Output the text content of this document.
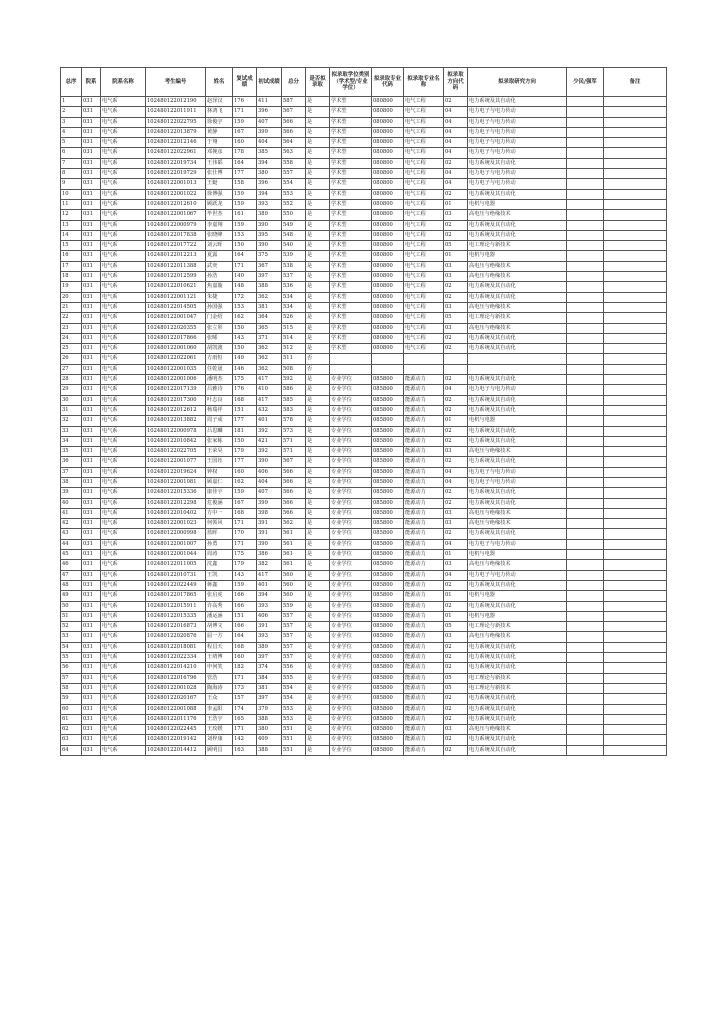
总序	院系	院系名称	考生编号	姓名	复试成绩	初试成绩	总分	是否拟录取	拟录取学位类别（学术型/专业学位）	拟录取专业代码	拟录取专业名称	拟录取方向代码	拟录取研究方向	少民/强军	备注
1	031	电气系	102480122012190	赵泽汉	176	411	587	是	学术型	080800	电气工程	02	电力系统及其自动化		
2	031	电气系	102480122011911	林鸿飞	171	396	567	是	学术型	080800	电气工程	04	电力电子与电力传动		
3	031	电气系	102480122022795	徐俊宇	159	407	566	是	学术型	080800	电气工程	04	电力电子与电力传动		
4	031	电气系	102480122013879	黄静	167	399	566	是	学术型	080800	电气工程	04	电力电子与电力传动		
5	031	电气系	102480122012146	于翔	160	404	564	是	学术型	080800	电气工程	04	电力电子与电力传动		
6	031	电气系	102480122022961	邓挽彦	178	385	563	是	学术型	080800	电气工程	04	电力电子与电力传动		
7	031	电气系	102480122019734	王伟韬	164	394	558	是	学术型	080800	电气工程	02	电力系统及其自动化		
8	031	电气系	102480122019729	张仕博	177	380	557	是	学术型	080800	电气工程	04	电力电子与电力传动		
9	031	电气系	102480122001013	王蜓	158	396	554	是	学术型	080800	电气工程	04	电力电子与电力传动		
10	031	电气系	102480122001022	徐博强	159	394	553	是	学术型	080800	电气工程	02	电力系统及其自动化		
11	031	电气系	102480122012610	顾跃龙	159	393	552	是	学术型	080800	电气工程	01	电机与电器		
12	031	电气系	102480122001067	毕世杰	161	389	550	是	学术型	080800	电气工程	03	高电压与绝缘技术		
13	031	电气系	102480122000979	李嘉翔	159	390	549	是	学术型	080800	电气工程	02	电力系统及其自动化		
14	031	电气系	102480122017838	张晓峰	153	395	548	是	学术型	080800	电气工程	02	电力系统及其自动化		
15	031	电气系	102480122017722	刘云晖	150	390	540	是	学术型	080800	电气工程	05	电工理论与新技术		
16	031	电气系	102480122012213	夏露	164	375	539	是	学术型	080800	电气工程	01	电机与电器		
17	031	电气系	102480122011388	武奕	171	367	538	是	学术型	080800	电气工程	03	高电压与绝缘技术		
18	031	电气系	102480122012599	孙浩	140	397	537	是	学术型	080800	电气工程	03	高电压与绝缘技术		
19	031	电气系	102480122010621	焦嘉璇	148	388	536	是	学术型	080800	电气工程	02	电力系统及其自动化		
20	031	电气系	102480122001121	朱捷	172	362	534	是	学术型	080800	电气工程	02	电力系统及其自动化		
21	031	电气系	102480122014505	孙国强	153	381	534	是	学术型	080800	电气工程	03	高电压与绝缘技术		
22	031	电气系	102480122001047	门金绍	162	364	526	是	学术型	080800	电气工程	05	电工理论与新技术		
23	031	电气系	102480122020355	张立彤	150	365	515	是	学术型	080800	电气工程	03	高电压与绝缘技术		
24	031	电气系	102480122017866	张晞	143	371	514	是	学术型	080800	电气工程	02	电力系统及其自动化		
25	031	电气系	102480122001060	胡凯渡	150	362	512	是	学术型	080800	电气工程	02	电力系统及其自动化		
26	031	电气系	102480122022061	方雨恒	149	362	511	否							
27	031	电气系	102480122001035	任乾晟	146	362	508	否							
28	031	电气系	102480122001006	潘明杰	175	417	592	是	专业学位	085800	能源动力	02	电力系统及其自动化		
29	031	电气系	102480122017139	吕雅诗	176	410	586	是	专业学位	085800	能源动力	04	电力电子与电力传动		
30	031	电气系	102480122017300	叶志良	168	417	585	是	专业学位	085800	能源动力	02	电力系统及其自动化		
31	031	电气系	102480122012612	杨瑞祥	151	432	583	是	专业学位	085800	能源动力	02	电力系统及其自动化		
32	031	电气系	102480122013882	周子成	177	401	578	是	专业学位	085800	能源动力	01	电机与电器		
33	031	电气系	102480122000978	吕思麟	181	392	573	是	专业学位	085800	能源动力	02	电力系统及其自动化		
34	031	电气系	102480122010842	张家栋	150	421	571	是	专业学位	085800	能源动力	02	电力系统及其自动化		
35	031	电气系	102480122022705	王荣昊	179	392	571	是	专业学位	085800	能源动力	03	高电压与绝缘技术		
36	031	电气系	102480122001077	王国钰	177	390	567	是	专业学位	085800	能源动力	02	电力系统及其自动化		
37	031	电气系	102480122019624	钟权	160	406	566	是	专业学位	085800	能源动力	04	电力电子与电力传动		
38	031	电气系	102480122001081	顾嘉仁	162	404	566	是	专业学位	085800	能源动力	04	电力电子与电力传动		
39	031	电气系	102480122015336	康佳宇	159	407	566	是	专业学位	085800	能源动力	02	电力系统及其自动化		
40	031	电气系	102480122012298	危俊涵	167	399	566	是	专业学位	085800	能源动力	02	电力系统及其自动化		
41	031	电气系	102480122010402	方中一	168	398	566	是	专业学位	085800	能源动力	03	高电压与绝缘技术		
42	031	电气系	102480122001023	何领风	171	391	562	是	专业学位	085800	能源动力	03	高电压与绝缘技术		
43	031	电气系	102480122000998	蓝晖	170	391	561	是	专业学位	085800	能源动力	02	电力系统及其自动化		
44	031	电气系	102480122001007	孙勇	171	390	561	是	专业学位	085800	能源动力	04	电力电子与电力传动		
45	031	电气系	102480122001044	周涛	175	386	561	是	专业学位	085800	能源动力	01	电机与电器		
46	031	电气系	102480122011005	沈鑫	179	382	561	是	专业学位	085800	能源动力	03	高电压与绝缘技术		
47	031	电气系	102480122010731	王凯	143	417	560	是	专业学位	085800	能源动力	04	电力电子与电力传动		
48	031	电气系	102480122022449	蒋鑫	159	401	560	是	专业学位	085800	能源动力	02	电力系统及其自动化		
49	031	电气系	102480122017865	张启虎	166	394	560	是	专业学位	085800	能源动力	01	电机与电器		
50	031	电气系	102480122015911	许高秀	166	393	559	是	专业学位	085800	能源动力	02	电力系统及其自动化		
51	031	电气系	102480122015335	潘运涵	151	406	557	是	专业学位	085800	能源动力	01	电机与电器		
52	031	电气系	102480122016873	胡博文	166	391	557	是	专业学位	085800	能源动力	05	电工理论与新技术		
53	031	电气系	102480122020876	屈一方	164	393	557	是	专业学位	085800	能源动力	03	高电压与绝缘技术		
54	031	电气系	102480122018081	程昌天	168	389	557	是	专业学位	085800	能源动力	02	电力系统及其自动化		
55	031	电气系	102480122022334	王靖博	160	397	557	是	专业学位	085800	能源动力	02	电力系统及其自动化		
56	031	电气系	102480122014210	申何笑	182	374	556	是	专业学位	085800	能源动力	02	电力系统及其自动化		
57	031	电气系	102480122016796	管浩	171	384	555	是	专业学位	085800	能源动力	05	电工理论与新技术		
58	031	电气系	102480122001028	陶海涛	173	381	554	是	专业学位	085800	能源动力	05	电工理论与新技术		
59	031	电气系	102480122020167	王众	157	397	554	是	专业学位	085800	能源动力	02	电力系统及其自动化		
60	031	电气系	102480122001088	李孟阳	174	379	553	是	专业学位	085800	能源动力	02	电力系统及其自动化		
61	031	电气系	102480122011176	王浩宇	165	388	553	是	专业学位	085800	能源动力	02	电力系统及其自动化		
62	031	电气系	102480122022445	王玫媛	171	380	551	是	专业学位	085800	能源动力	03	高电压与绝缘技术		
63	031	电气系	102480122019142	刘梓康	142	409	551	是	专业学位	085800	能源动力	02	电力系统及其自动化		
64	031	电气系	102480122014412	顾明昌	163	388	551	是	专业学位	085800	能源动力	02	电力系统及其自动化		
